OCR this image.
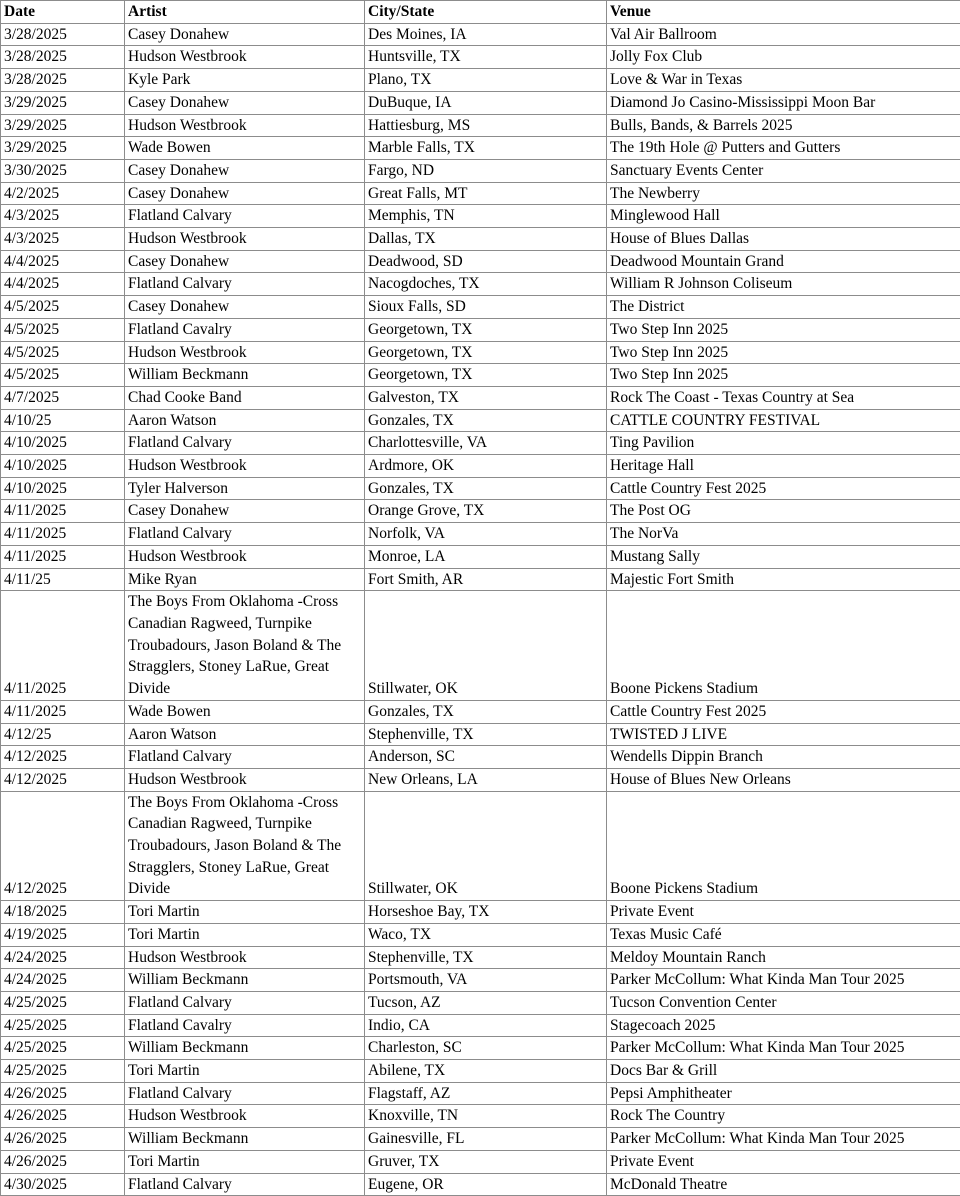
Date	Artist	City/State	Venue
3/28/2025	Casey Donahew	Des Moines, IA	Val Air Ballroom
3/28/2025	Hudson Westbrook	Huntsville, TX	Jolly Fox Club
3/28/2025	Kyle Park	Plano, TX	Love & War in Texas
3/29/2025	Casey Donahew	DuBuque, IA	Diamond Jo Casino-Mississippi Moon Bar
3/29/2025	Hudson Westbrook	Hattiesburg, MS	Bulls, Bands, & Barrels 2025
3/29/2025	Wade Bowen	Marble Falls, TX	The 19th Hole @ Putters and Gutters
3/30/2025	Casey Donahew	Fargo, ND	Sanctuary Events Center
4/2/2025	Casey Donahew	Great Falls, MT	The Newberry
4/3/2025	Flatland Calvary	Memphis, TN	Minglewood Hall
4/3/2025	Hudson Westbrook	Dallas, TX	House of Blues Dallas
4/4/2025	Casey Donahew	Deadwood, SD	Deadwood Mountain Grand
4/4/2025	Flatland Calvary	Nacogdoches, TX	William R Johnson Coliseum
4/5/2025	Casey Donahew	Sioux Falls, SD	The District
4/5/2025	Flatland Cavalry	Georgetown, TX	Two Step Inn 2025
4/5/2025	Hudson Westbrook	Georgetown, TX	Two Step Inn 2025
4/5/2025	William Beckmann	Georgetown, TX	Two Step Inn 2025
4/7/2025	Chad Cooke Band	Galveston, TX	Rock The Coast - Texas Country at Sea
4/10/25	Aaron Watson	Gonzales, TX	CATTLE COUNTRY FESTIVAL
4/10/2025	Flatland Calvary	Charlottesville, VA	Ting Pavilion
4/10/2025	Hudson Westbrook	Ardmore, OK	Heritage Hall
4/10/2025	Tyler Halverson	Gonzales, TX	Cattle Country Fest 2025
4/11/2025	Casey Donahew	Orange Grove, TX	The Post OG
4/11/2025	Flatland Calvary	Norfolk, VA	The NorVa
4/11/2025	Hudson Westbrook	Monroe, LA	Mustang Sally
4/11/25	Mike Ryan	Fort Smith, AR	Majestic Fort Smith
4/11/2025	The Boys From Oklahoma -Cross Canadian Ragweed, Turnpike Troubadours, Jason Boland & The Stragglers, Stoney LaRue, Great Divide	Stillwater, OK	Boone Pickens Stadium
4/11/2025	Wade Bowen	Gonzales, TX	Cattle Country Fest 2025
4/12/25	Aaron Watson	Stephenville, TX	TWISTED J LIVE
4/12/2025	Flatland Calvary	Anderson, SC	Wendells Dippin Branch
4/12/2025	Hudson Westbrook	New Orleans, LA	House of Blues New Orleans
4/12/2025	The Boys From Oklahoma -Cross Canadian Ragweed, Turnpike Troubadours, Jason Boland & The Stragglers, Stoney LaRue, Great Divide	Stillwater, OK	Boone Pickens Stadium
4/18/2025	Tori Martin	Horseshoe Bay, TX	Private Event
4/19/2025	Tori Martin	Waco, TX	Texas Music Café
4/24/2025	Hudson Westbrook	Stephenville, TX	Meldoy Mountain Ranch
4/24/2025	William Beckmann	Portsmouth, VA	Parker McCollum: What Kinda Man Tour 2025
4/25/2025	Flatland Calvary	Tucson, AZ	Tucson Convention Center
4/25/2025	Flatland Cavalry	Indio, CA	Stagecoach 2025
4/25/2025	William Beckmann	Charleston, SC	Parker McCollum: What Kinda Man Tour 2025
4/25/2025	Tori Martin	Abilene, TX	Docs Bar & Grill
4/26/2025	Flatland Calvary	Flagstaff, AZ	Pepsi Amphitheater
4/26/2025	Hudson Westbrook	Knoxville, TN	Rock The Country
4/26/2025	William Beckmann	Gainesville, FL	Parker McCollum: What Kinda Man Tour 2025
4/26/2025	Tori Martin	Gruver, TX	Private Event
4/30/2025	Flatland Calvary	Eugene, OR	McDonald Theatre
